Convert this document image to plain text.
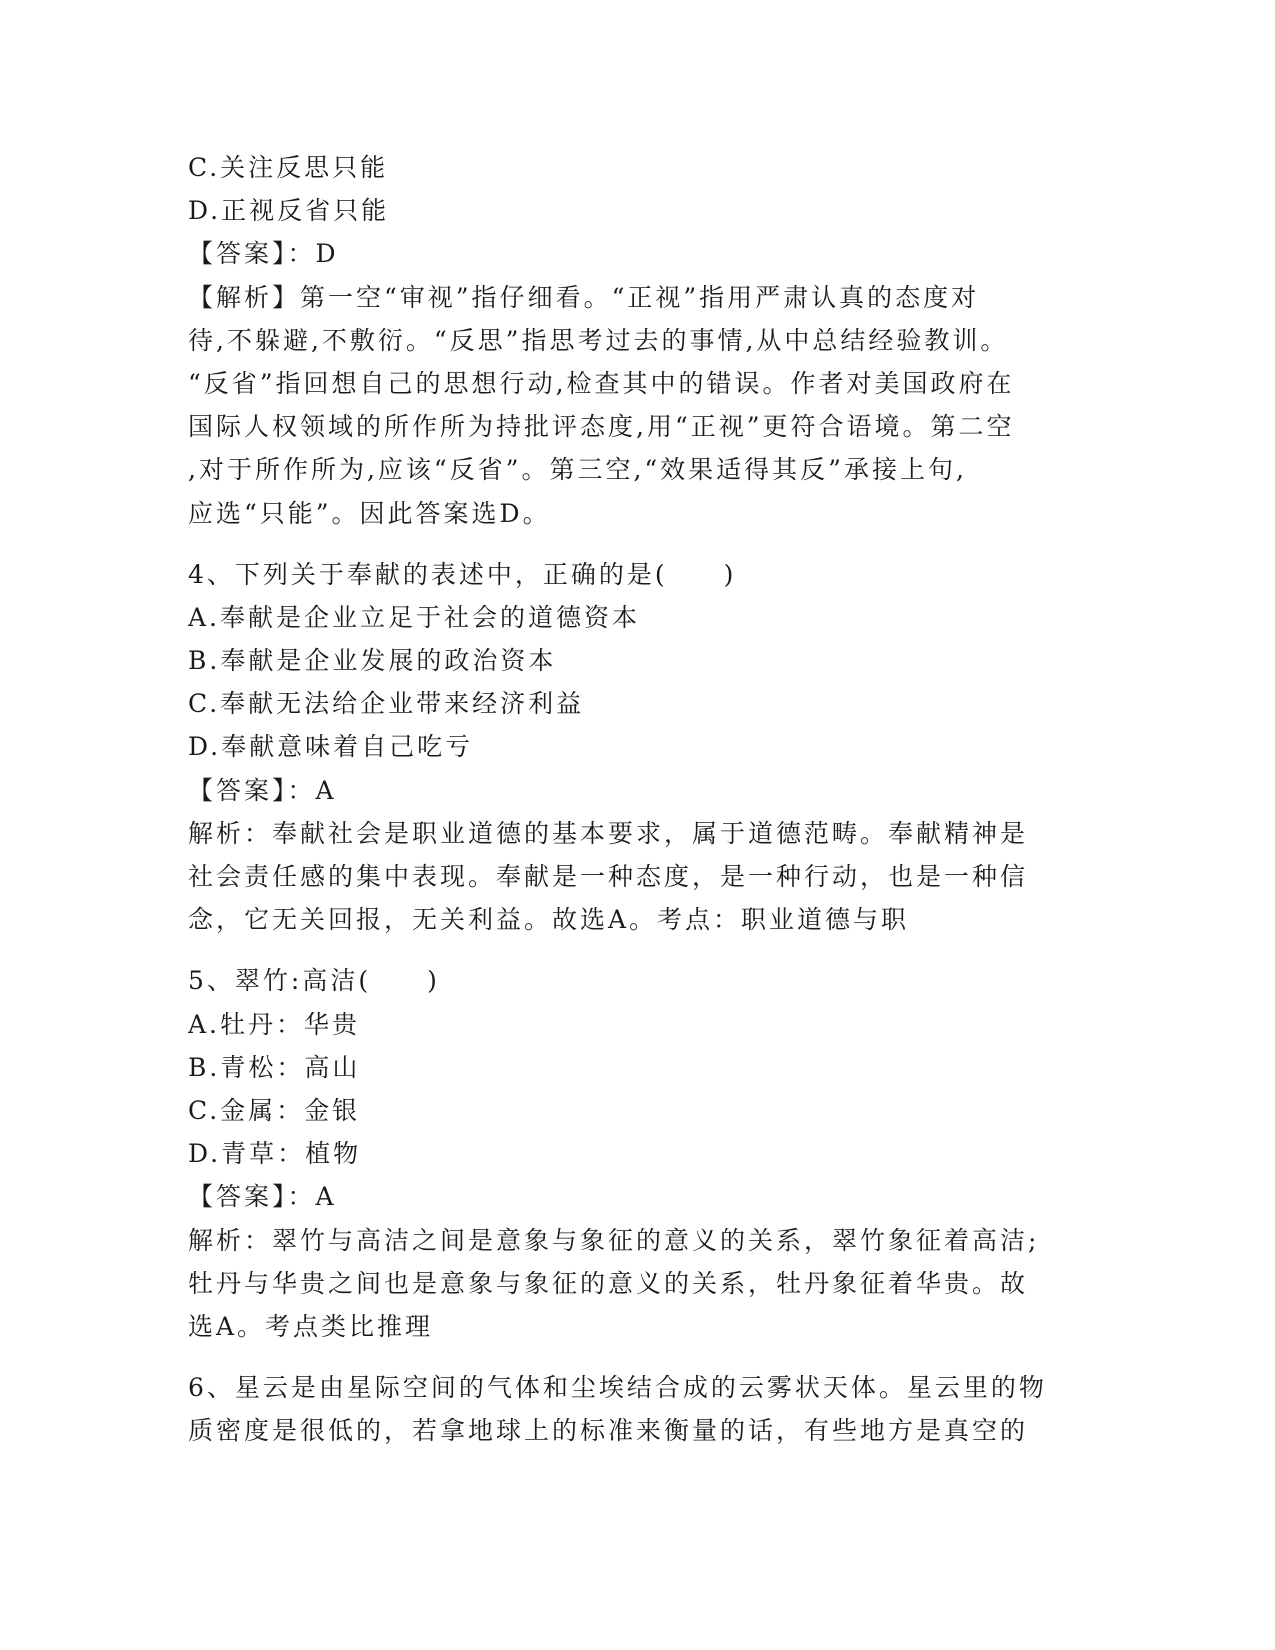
C.关注反思只能
D.正视反省只能
【答案】：D
【解析】第一空“审视”指仔细看。“正视”指用严肃认真的态度对
待,不躲避,不敷衍。“反思”指思考过去的事情,从中总结经验教训。
“反省”指回想自己的思想行动,检查其中的错误。作者对美国政府在
国际人权领域的所作所为持批评态度,用“正视”更符合语境。第二空
,对于所作所为,应该“反省”。第三空,“效果适得其反”承接上句,
应选“只能”。因此答案选D。
4、下列关于奉献的表述中，正确的是(　　)
A.奉献是企业立足于社会的道德资本
B.奉献是企业发展的政治资本
C.奉献无法给企业带来经济利益
D.奉献意味着自己吃亏
【答案】：A
解析：奉献社会是职业道德的基本要求，属于道德范畴。奉献精神是
社会责任感的集中表现。奉献是一种态度，是一种行动，也是一种信
念，它无关回报，无关利益。故选A。考点：职业道德与职
5、翠竹:高洁(　　)
A.牡丹：华贵
B.青松：高山
C.金属：金银
D.青草：植物
【答案】：A
解析：翠竹与高洁之间是意象与象征的意义的关系，翠竹象征着高洁;
牡丹与华贵之间也是意象与象征的意义的关系，牡丹象征着华贵。故
选A。考点类比推理
6、星云是由星际空间的气体和尘埃结合成的云雾状天体。星云里的物
质密度是很低的，若拿地球上的标准来衡量的话，有些地方是真空的
